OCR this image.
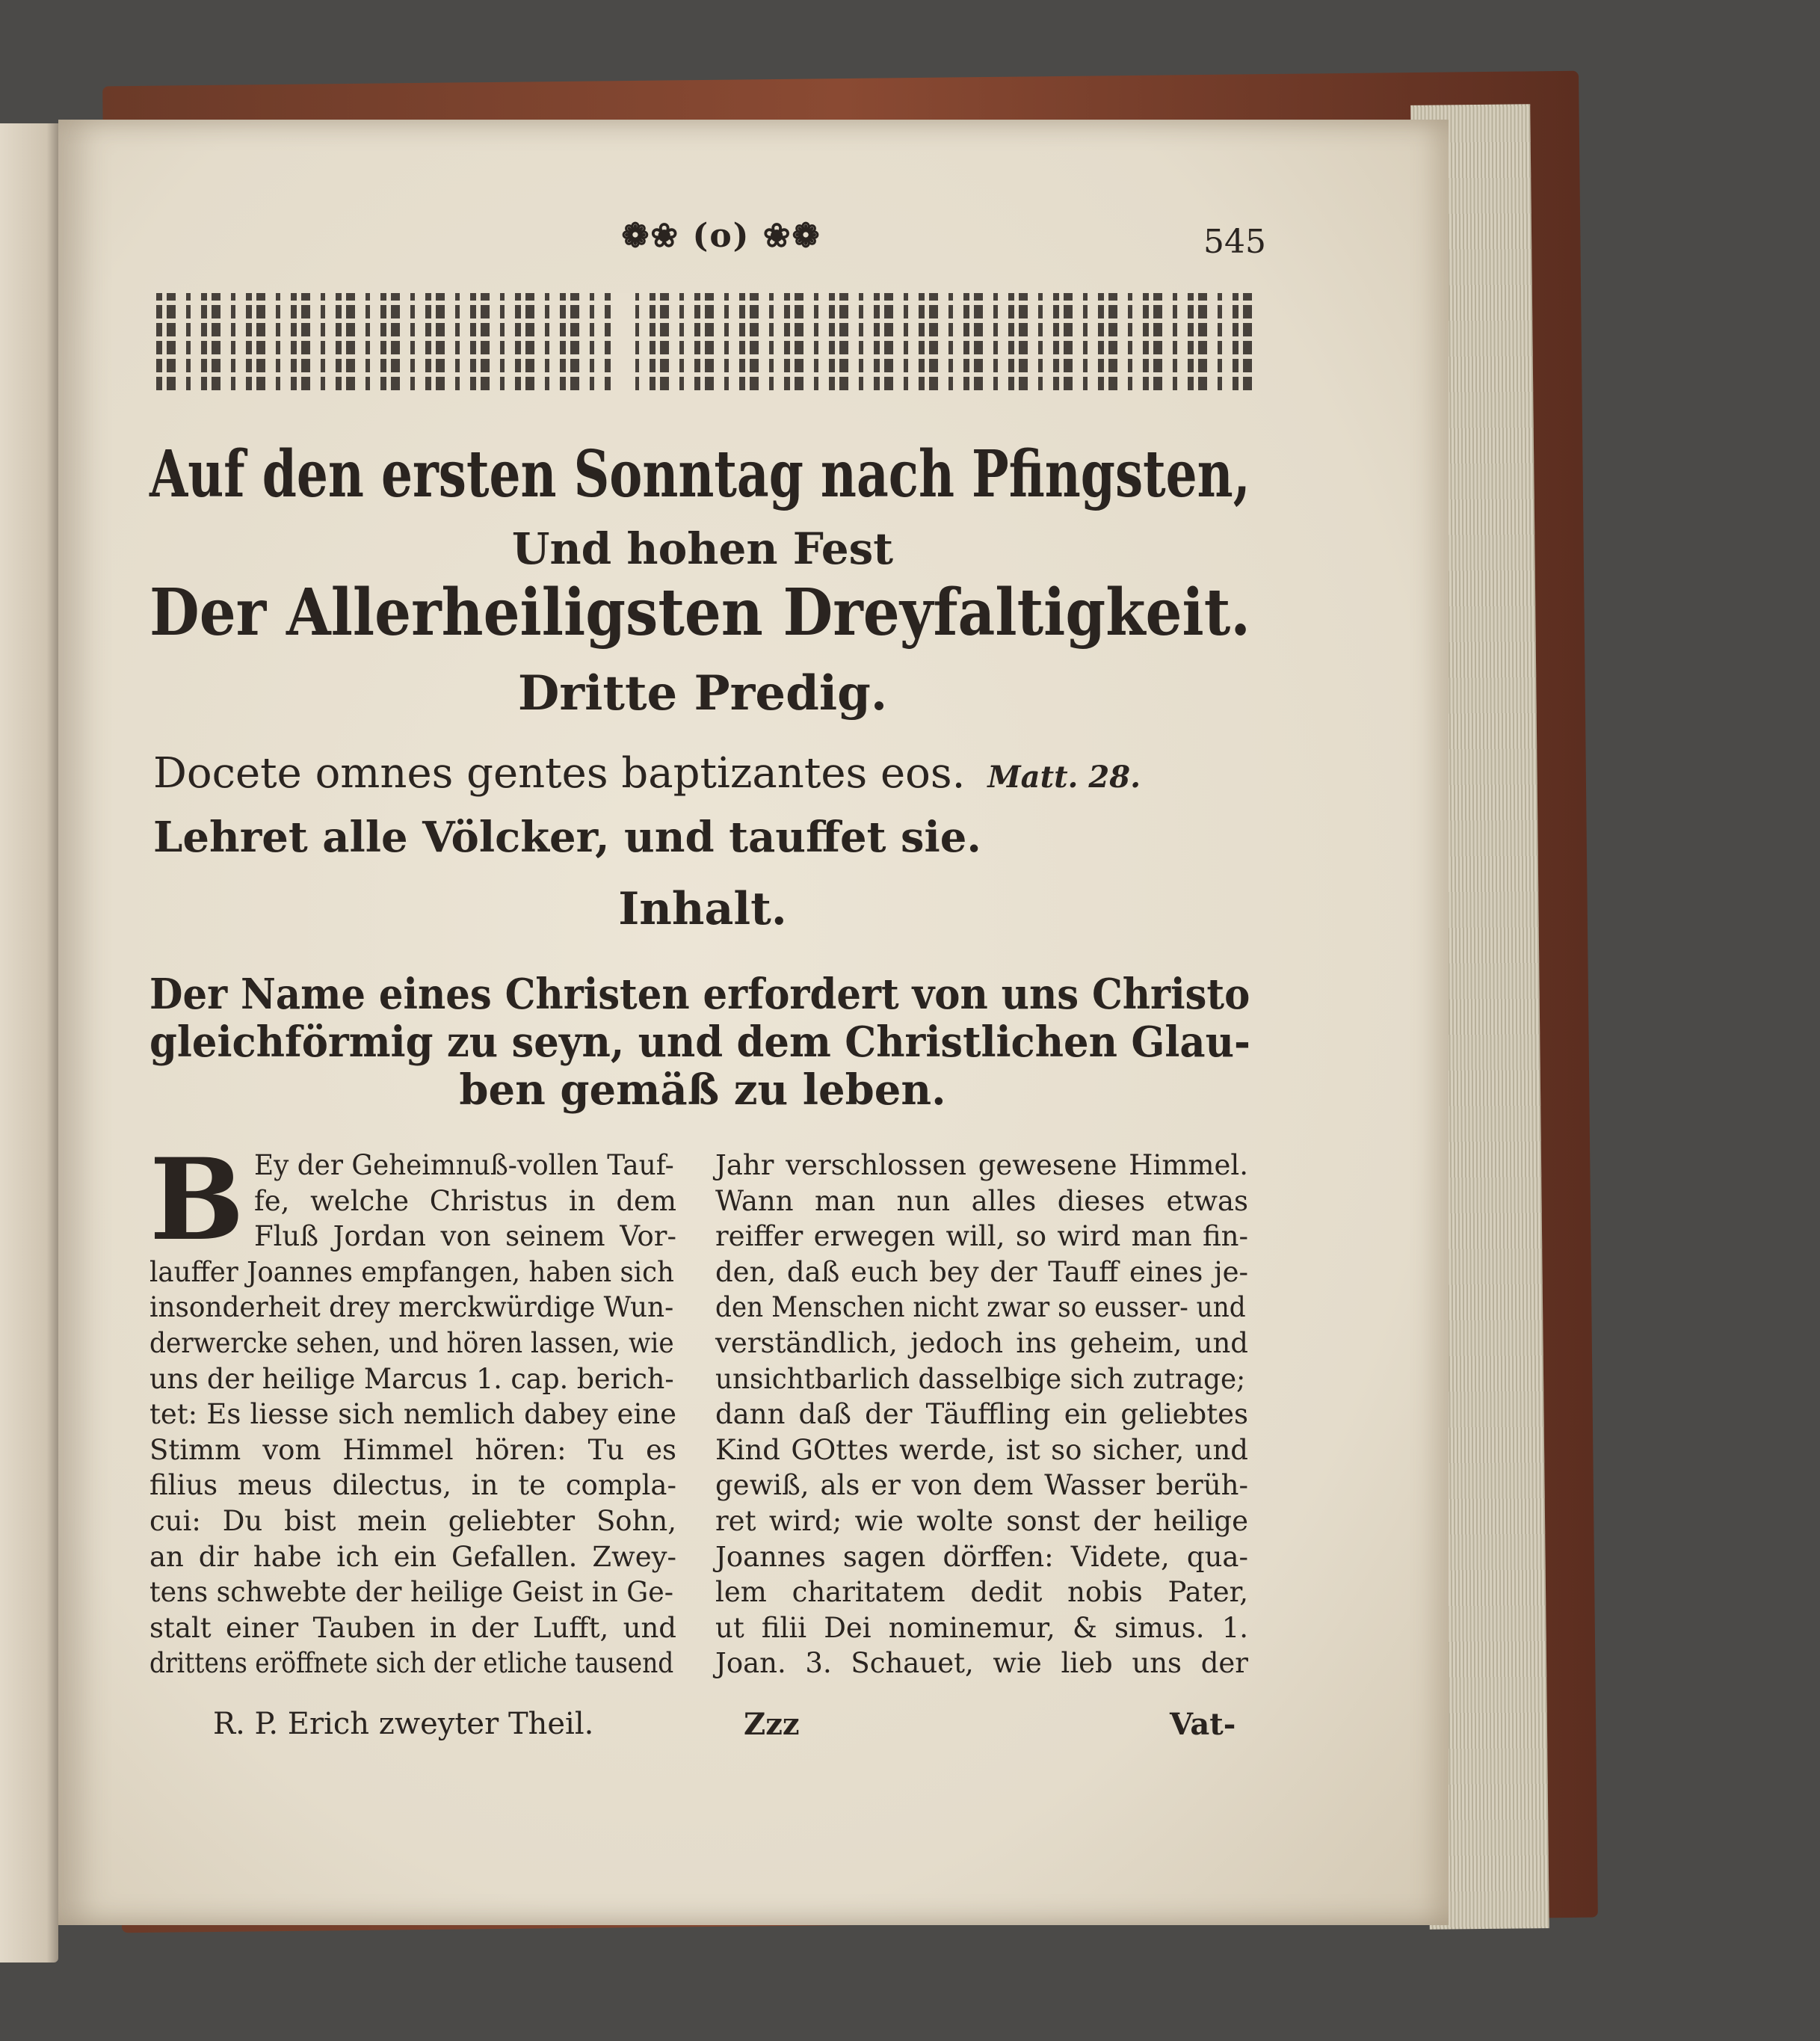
❁❀ (o) ❀❁	545
Auf den ersten Sonntag nach Pfingsten,
Und hohen Fest
Der Allerheiligsten Dreyfaltigkeit.
Dritte Predig.
Docete omnes gentes baptizantes eos. Matt. 28.
Lehret alle Völcker, und tauffet sie.
Inhalt.
Der Name eines Christen erfordert von uns Christo
gleichförmig zu seyn, und dem Christlichen Glau-
ben gemäß zu leben.
B Ey der Geheimnuß-vollen Tauf-
fe, welche Christus in dem
Fluß Jordan von seinem Vor-
lauffer Joannes empfangen, haben sich
insonderheit drey merckwürdige Wun-
derwercke sehen, und hören lassen, wie
uns der heilige Marcus 1. cap. berich-
tet: Es liesse sich nemlich dabey eine
Stimm vom Himmel hören: Tu es
filius meus dilectus, in te compla-
cui: Du bist mein geliebter Sohn,
an dir habe ich ein Gefallen. Zwey-
tens schwebte der heilige Geist in Ge-
stalt einer Tauben in der Lufft, und
drittens eröffnete sich der etliche tausend
Jahr verschlossen gewesene Himmel.
Wann man nun alles dieses etwas
reiffer erwegen will, so wird man fin-
den, daß euch bey der Tauff eines je-
den Menschen nicht zwar so eusser- und
verständlich, jedoch ins geheim, und
unsichtbarlich dasselbige sich zutrage;
dann daß der Täuffling ein geliebtes
Kind GOttes werde, ist so sicher, und
gewiß, als er von dem Wasser berüh-
ret wird; wie wolte sonst der heilige
Joannes sagen dörffen: Videte, qua-
lem charitatem dedit nobis Pater,
ut filii Dei nominemur, & simus. 1.
Joan. 3. Schauet, wie lieb uns der
R. P. Erich zweyter Theil.	Zzz	Vat-
